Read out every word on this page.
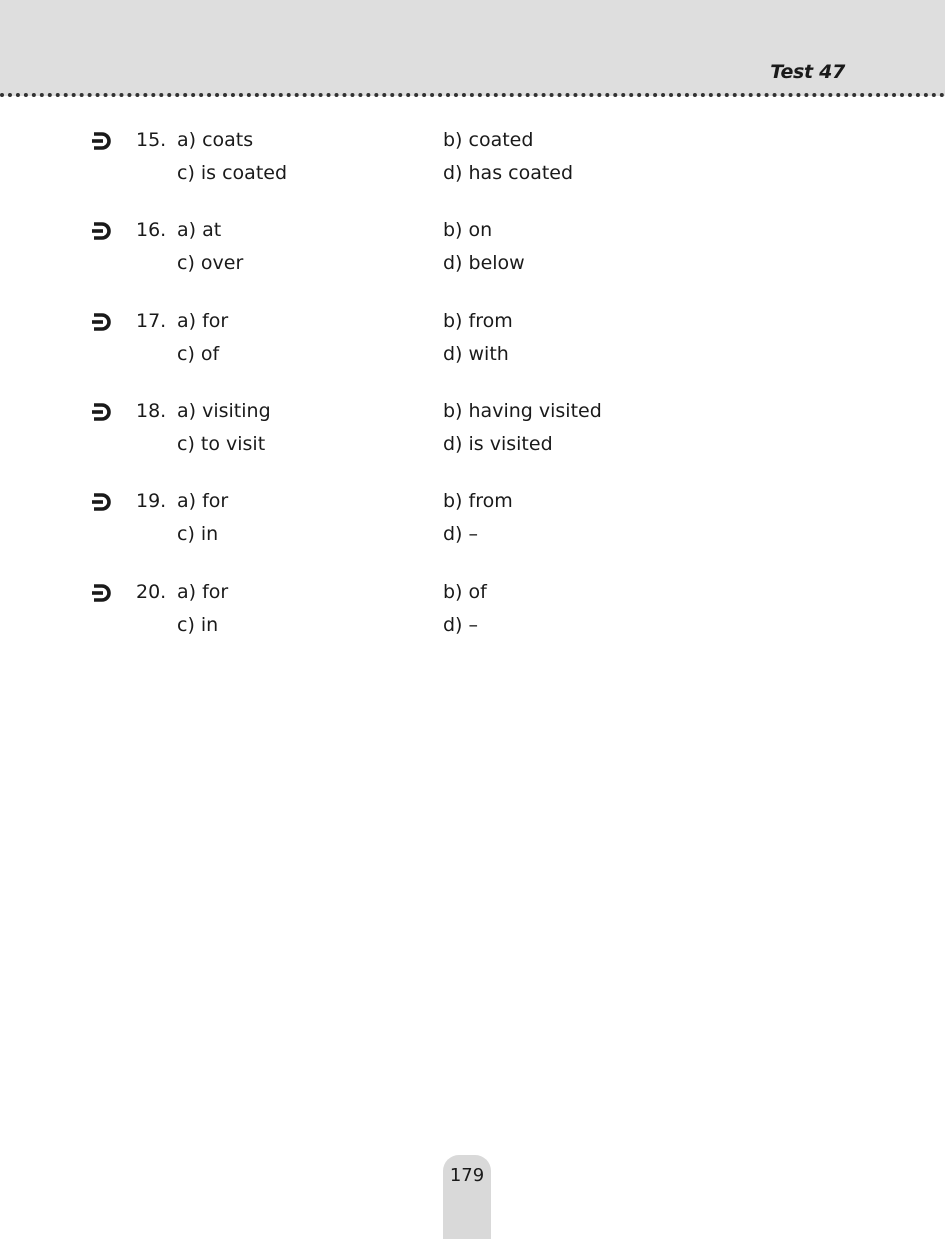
Test 47
15. a) coats	b) coated
c) is coated	d) has coated
16. a) at	b) on
c) over	d) below
17. a) for	b) from
c) of	d) with
18. a) visiting	b) having visited
c) to visit	d) is visited
19. a) for	b) from
c) in	d) –
20. a) for	b) of
c) in	d) –
179
